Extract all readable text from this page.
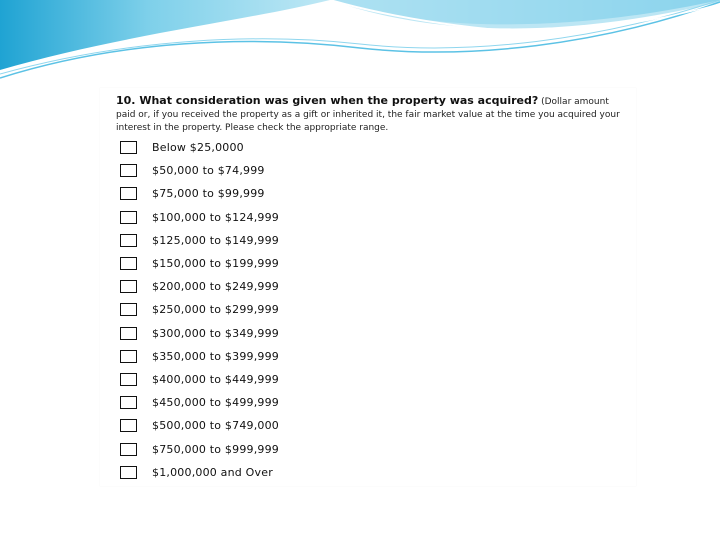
10. What consideration was given when the property was acquired? (Dollar amount paid or, if you received the property as a gift or inherited it, the fair market value at the time you acquired your interest in the property. Please check the appropriate range.

Below $25,0000
$50,000 to $74,999
$75,000 to $99,999
$100,000 to $124,999
$125,000 to $149,999
$150,000 to $199,999
$200,000 to $249,999
$250,000 to $299,999
$300,000 to $349,999
$350,000 to $399,999
$400,000 to $449,999
$450,000 to $499,999
$500,000 to $749,000
$750,000 to $999,999
$1,000,000 and Over
